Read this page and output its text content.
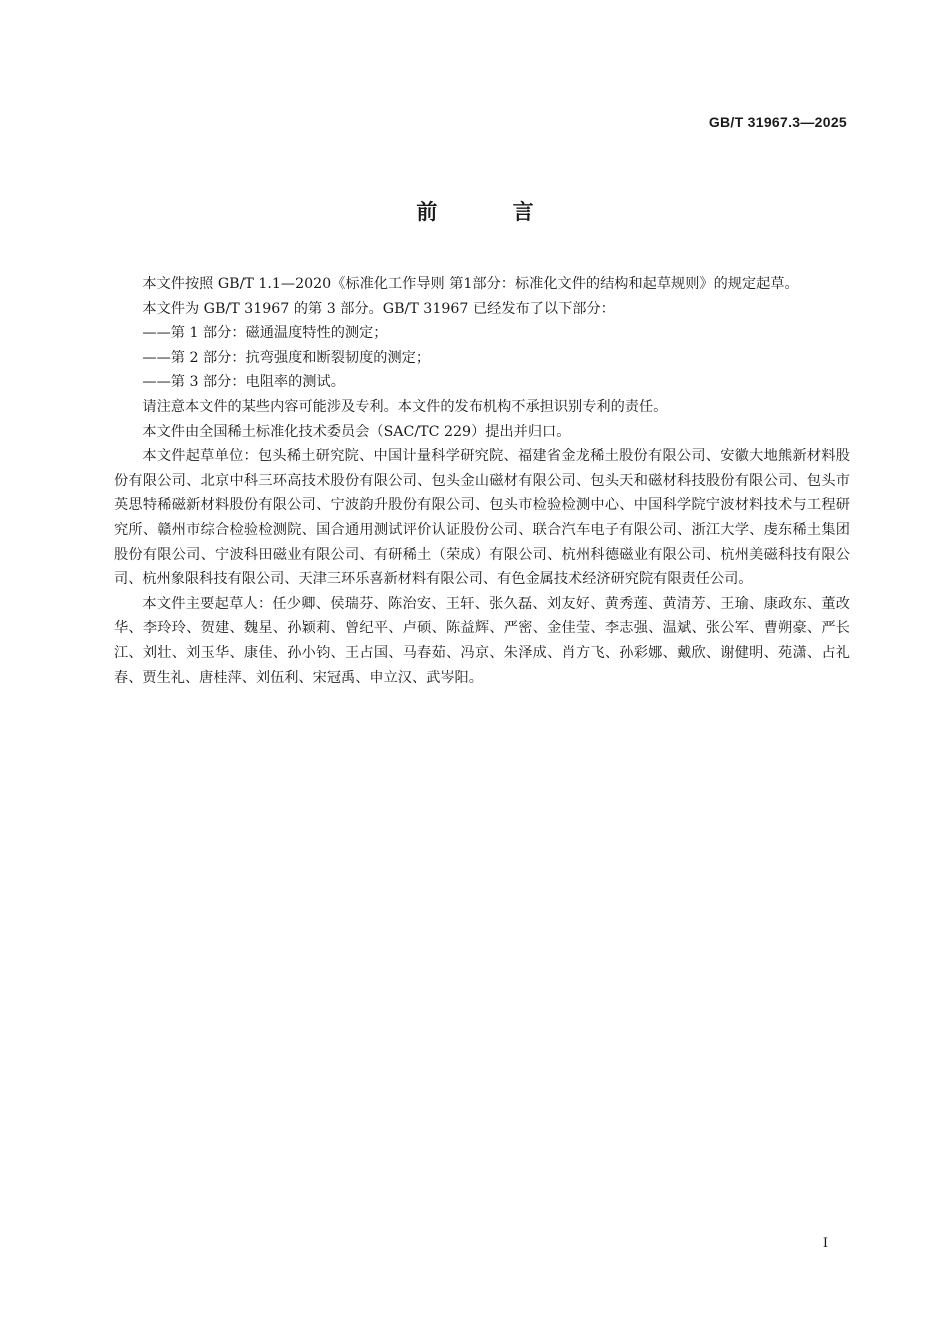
GB/T 31967.3—2025
前 言

本文件按照 GB/T 1.1—2020《标准化工作导则 第1部分：标准化文件的结构和起草规则》的规定起草。

本文件为 GB/T 31967 的第 3 部分。GB/T 31967 已经发布了以下部分：

——第 1 部分：磁通温度特性的测定；

——第 2 部分：抗弯强度和断裂韧度的测定；

——第 3 部分：电阻率的测试。

请注意本文件的某些内容可能涉及专利。本文件的发布机构不承担识别专利的责任。

本文件由全国稀土标准化技术委员会（SAC/TC 229）提出并归口。

本文件起草单位：包头稀土研究院、中国计量科学研究院、福建省金龙稀土股份有限公司、安徽大地熊新材料股份有限公司、北京中科三环高技术股份有限公司、包头金山磁材有限公司、包头天和磁材科技股份有限公司、包头市英思特稀磁新材料股份有限公司、宁波韵升股份有限公司、包头市检验检测中心、中国科学院宁波材料技术与工程研究所、赣州市综合检验检测院、国合通用测试评价认证股份公司、联合汽车电子有限公司、浙江大学、虔东稀土集团股份有限公司、宁波科田磁业有限公司、有研稀土（荣成）有限公司、杭州科德磁业有限公司、杭州美磁科技有限公司、杭州象限科技有限公司、天津三环乐喜新材料有限公司、有色金属技术经济研究院有限责任公司。

本文件主要起草人：任少卿、侯瑞芬、陈治安、王轩、张久磊、刘友好、黄秀莲、黄清芳、王瑜、康政东、董改华、李玲玲、贺建、魏星、孙颖莉、曾纪平、卢硕、陈益辉、严密、金佳莹、李志强、温斌、张公军、曹朔豪、严长江、刘壮、刘玉华、康佳、孙小钧、王占国、马春茹、冯京、朱泽成、肖方飞、孙彩娜、戴欣、谢健明、苑潇、占礼春、贾生礼、唐桂萍、刘伍利、宋冠禹、申立汉、武岑阳。

I
